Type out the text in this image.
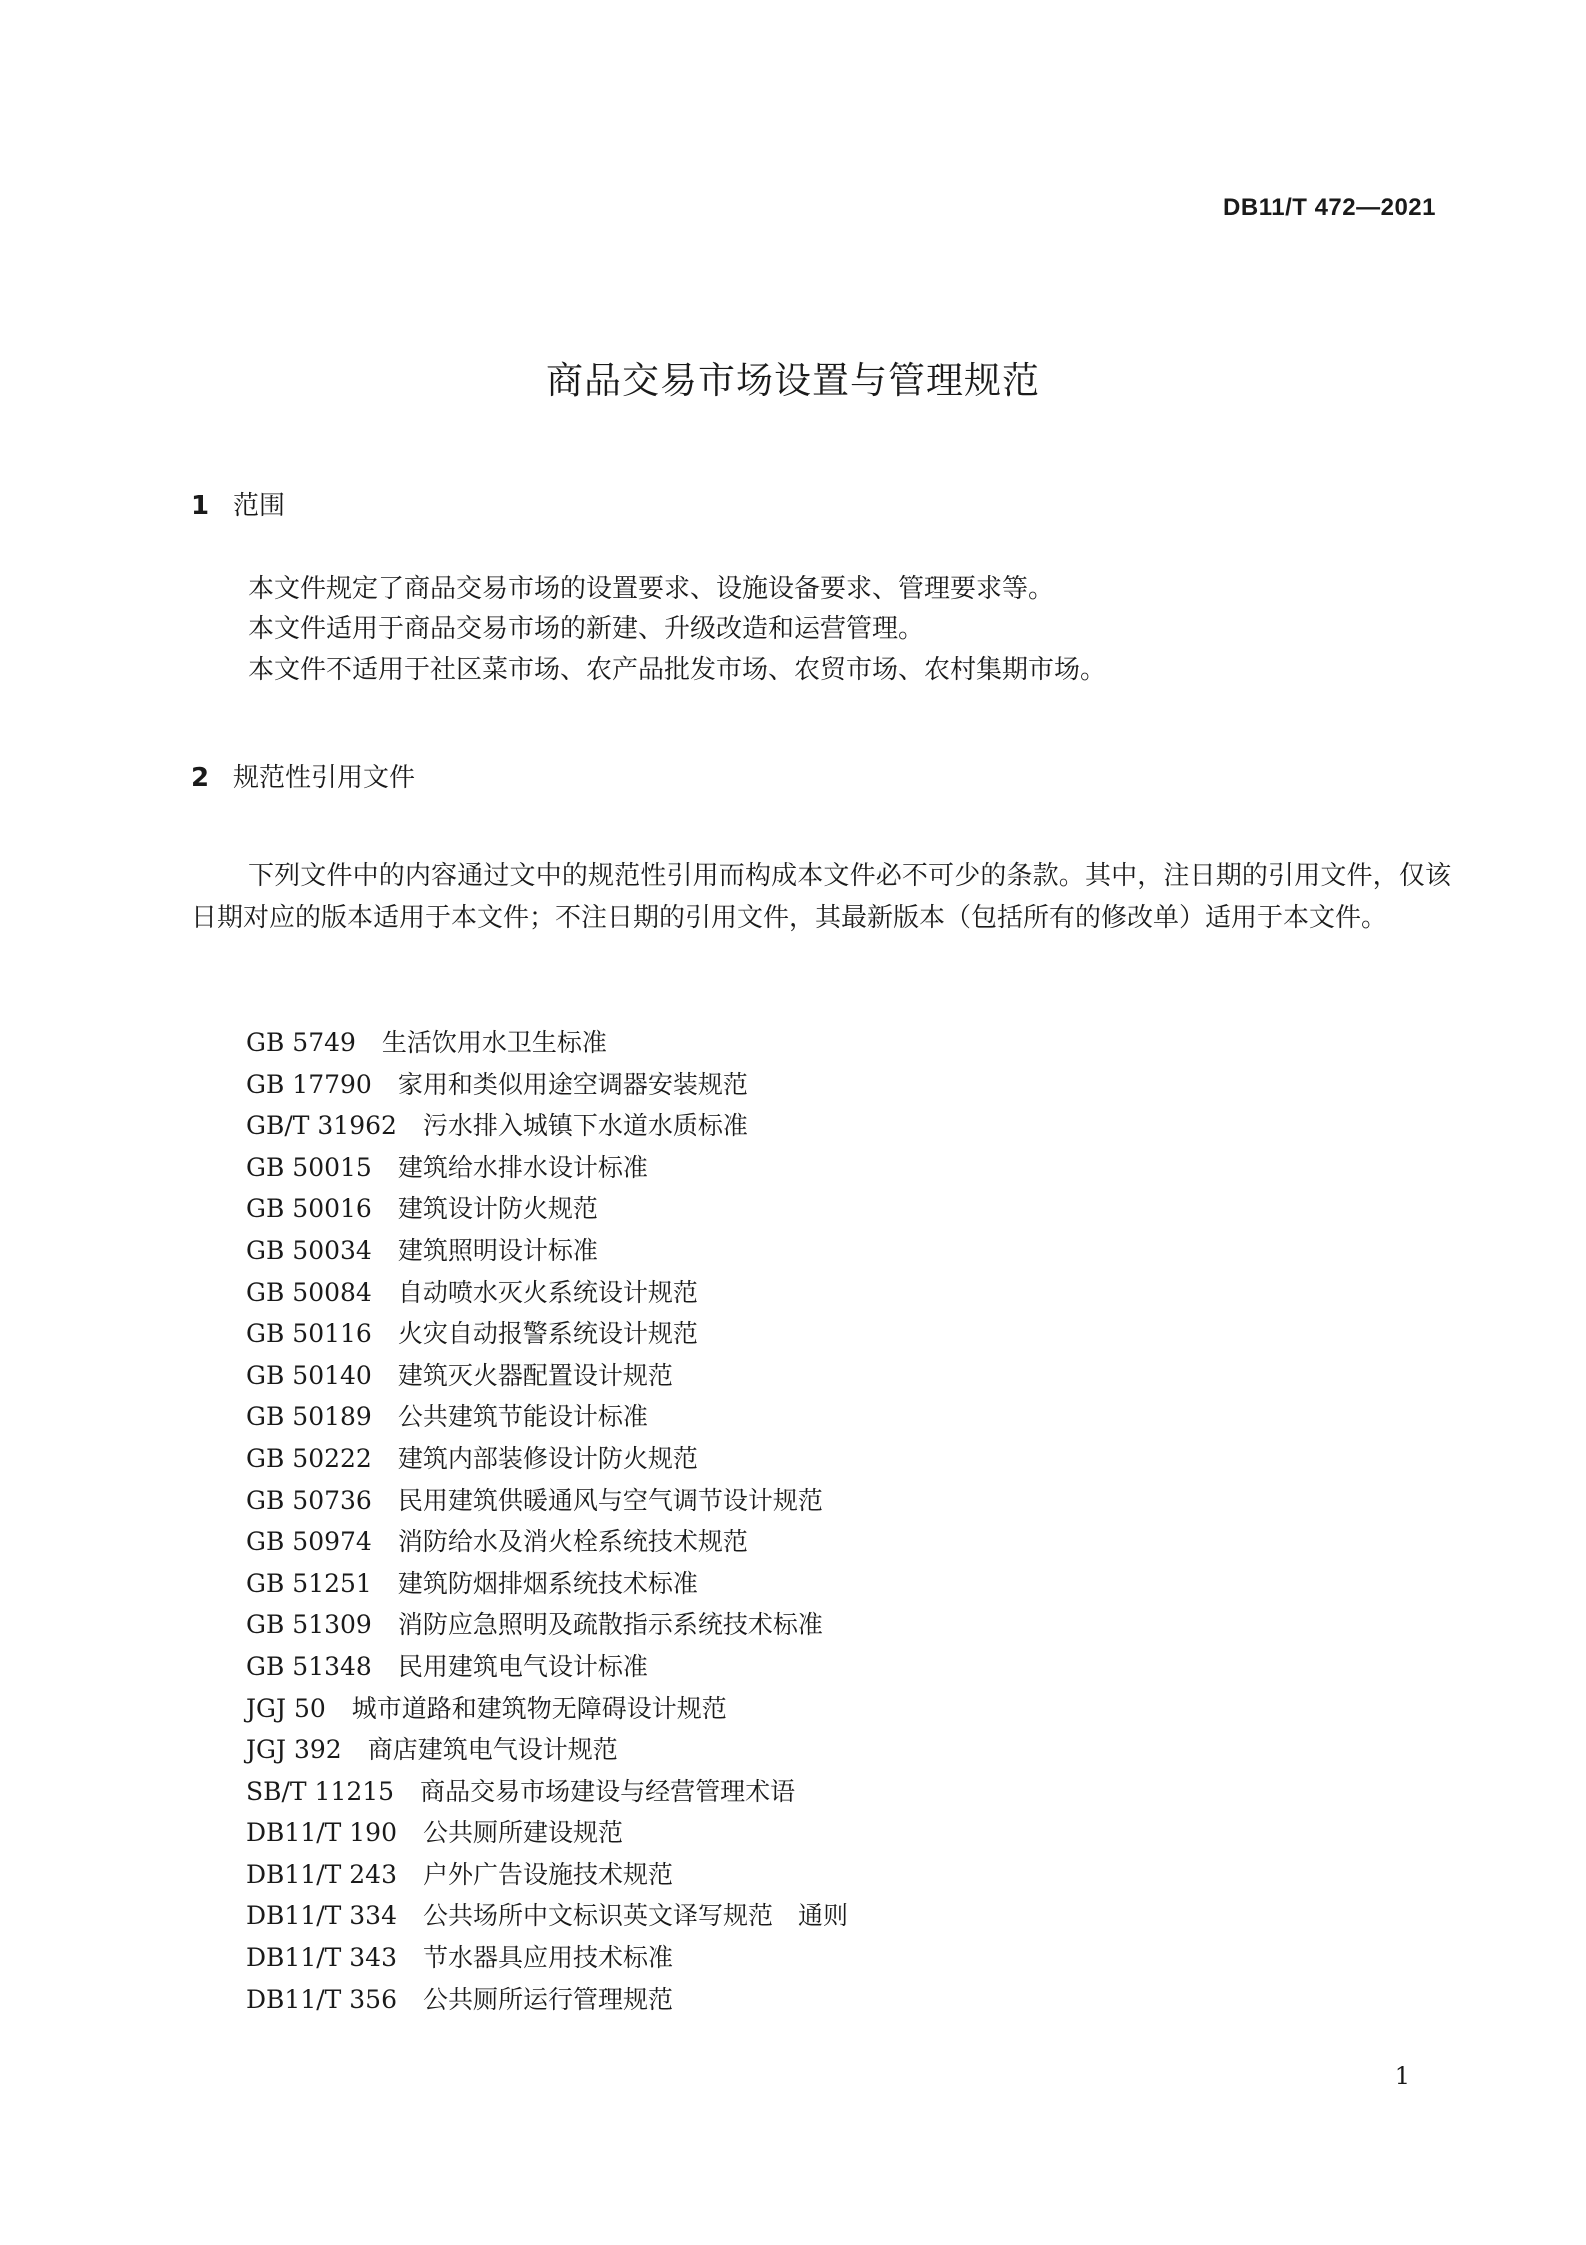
DB11/T 472—2021
商品交易市场设置与管理规范
1 范围
本文件规定了商品交易市场的设置要求、设施设备要求、管理要求等。
本文件适用于商品交易市场的新建、升级改造和运营管理。
本文件不适用于社区菜市场、农产品批发市场、农贸市场、农村集期市场。
2 规范性引用文件
下列文件中的内容通过文中的规范性引用而构成本文件必不可少的条款。其中，注日期的引用文件，仅该日期对应的版本适用于本文件；不注日期的引用文件，其最新版本（包括所有的修改单）适用于本文件。
GB 5749 生活饮用水卫生标准
GB 17790 家用和类似用途空调器安装规范
GB/T 31962 污水排入城镇下水道水质标准
GB 50015 建筑给水排水设计标准
GB 50016 建筑设计防火规范
GB 50034 建筑照明设计标准
GB 50084 自动喷水灭火系统设计规范
GB 50116 火灾自动报警系统设计规范
GB 50140 建筑灭火器配置设计规范
GB 50189 公共建筑节能设计标准
GB 50222 建筑内部装修设计防火规范
GB 50736 民用建筑供暖通风与空气调节设计规范
GB 50974 消防给水及消火栓系统技术规范
GB 51251 建筑防烟排烟系统技术标准
GB 51309 消防应急照明及疏散指示系统技术标准
GB 51348 民用建筑电气设计标准
JGJ 50 城市道路和建筑物无障碍设计规范
JGJ 392 商店建筑电气设计规范
SB/T 11215 商品交易市场建设与经营管理术语
DB11/T 190 公共厕所建设规范
DB11/T 243 户外广告设施技术规范
DB11/T 334 公共场所中文标识英文译写规范　通则
DB11/T 343 节水器具应用技术标准
DB11/T 356 公共厕所运行管理规范
1
